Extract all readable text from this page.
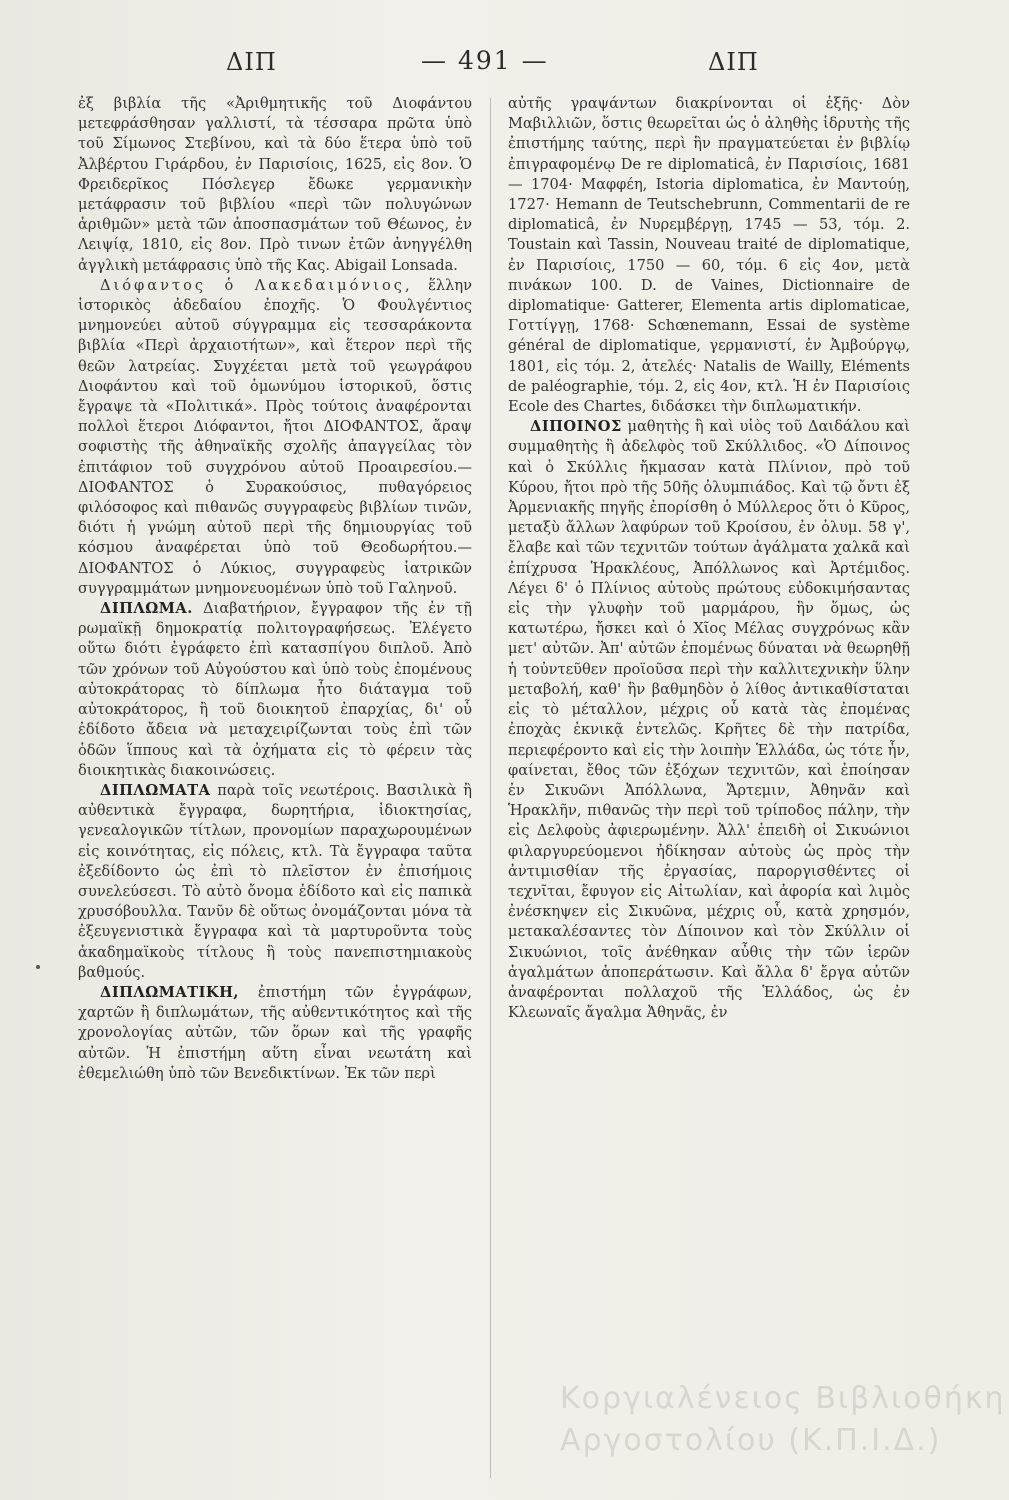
ΔΙΠ	— 491 —	ΔΙΠ

ἐξ βιβλία τῆς «Ἀριθμητικῆς τοῦ Διοφάντου μετεφράσθησαν γαλλιστί, τὰ τέσσαρα πρῶτα ὑπὸ τοῦ Σίμωνος Στεβίνου, καὶ τὰ δύο ἕτερα ὑπὸ τοῦ Ἀλβέρτου Γιράρδου, ἐν Παρισίοις, 1625, εἰς 8ον. Ὁ Φρειδερῖκος Πόσλεγερ ἔδωκε γερμανικὴν μετάφρασιν τοῦ βιβλίου «περὶ τῶν πολυγώνων ἀριθμῶν» μετὰ τῶν ἀποσπασμάτων τοῦ Θέωνος, ἐν Λειψίᾳ, 1810, εἰς 8ον. Πρὸ τινων ἐτῶν ἀνηγγέλθη ἀγγλικὴ μετάφρασις ὑπὸ τῆς Κας. Abigail Lonsada.

Διόφαντος ὁ Λακεδαιμόνιος, ἕλλην ἱστορικὸς ἀδεδαίου ἐποχῆς. Ὁ Φουλγέντιος μνημονεύει αὐτοῦ σύγγραμμα εἰς τεσσαράκοντα βιβλία «Περὶ ἀρχαιοτήτων», καὶ ἕτερον περὶ τῆς θεῶν λατρείας. Συγχέεται μετὰ τοῦ γεωγράφου Διοφάντου καὶ τοῦ ὁμωνύμου ἱστορικοῦ, ὅστις ἔγραψε τὰ «Πολιτικά». Πρὸς τούτοις ἀναφέρονται πολλοὶ ἕτεροι Διόφαντοι, ἤτοι ΔΙΟΦΑΝΤΟΣ, ἄραψ σοφιστὴς τῆς ἀθηναϊκῆς σχολῆς ἀπαγγείλας τὸν ἐπιτάφιον τοῦ συγχρόνου αὐτοῦ Προαιρεσίου.—ΔΙΟΦΑΝΤΟΣ ὁ Συρακούσιος, πυθαγόρειος φιλόσοφος καὶ πιθανῶς συγγραφεὺς βιβλίων τινῶν, διότι ἡ γνώμη αὐτοῦ περὶ τῆς δημιουργίας τοῦ κόσμου ἀναφέρεται ὑπὸ τοῦ Θεοδωρήτου.—ΔΙΟΦΑΝΤΟΣ ὁ Λύκιος, συγγραφεὺς ἰατρικῶν συγγραμμάτων μνημονευομένων ὑπὸ τοῦ Γαληνοῦ.

ΔΙΠΛΩΜΑ. Διαβατήριον, ἔγγραφον τῆς ἐν τῇ ρωμαϊκῇ δημοκρατίᾳ πολιτογραφήσεως. Ἐλέγετο οὕτω διότι ἐγράφετο ἐπὶ κατασπίγου διπλοῦ. Ἀπὸ τῶν χρόνων τοῦ Αὐγούστου καὶ ὑπὸ τοὺς ἐπομένους αὐτοκράτορας τὸ δίπλωμα ἦτο διάταγμα τοῦ αὐτοκράτορος, ἢ τοῦ διοικητοῦ ἐπαρχίας, δι' οὗ ἐδίδοτο ἄδεια νὰ μεταχειρίζωνται τοὺς ἐπὶ τῶν ὁδῶν ἵππους καὶ τὰ ὀχήματα εἰς τὸ φέρειν τὰς διοικητικὰς διακοινώσεις.

ΔΙΠΛΩΜΑΤΑ παρὰ τοῖς νεωτέροις. Βασιλικὰ ἢ αὐθεντικὰ ἔγγραφα, δωρητήρια, ἰδιοκτησίας, γενεαλογικῶν τίτλων, προνομίων παραχωρουμένων εἰς κοινότητας, εἰς πόλεις, κτλ. Τὰ ἔγγραφα ταῦτα ἐξεδίδοντο ὡς ἐπὶ τὸ πλεῖστον ἐν ἐπισήμοις συνελεύσεσι. Τὸ αὐτὸ ὄνομα ἐδίδοτο καὶ εἰς παπικὰ χρυσόβουλλα. Τανῦν δὲ οὕτως ὀνομάζονται μόνα τὰ ἐξευγενιστικὰ ἔγγραφα καὶ τὰ μαρτυροῦντα τοὺς ἀκαδημαϊκοὺς τίτλους ἢ τοὺς πανεπιστημιακοὺς βαθμούς.

ΔΙΠΛΩΜΑΤΙΚΗ, ἐπιστήμη τῶν ἐγγράφων, χαρτῶν ἢ διπλωμάτων, τῆς αὐθεντικότητος καὶ τῆς χρονολογίας αὐτῶν, τῶν ὅρων καὶ τῆς γραφῆς αὐτῶν. Ἡ ἐπιστήμη αὕτη εἶναι νεωτάτη καὶ ἐθεμελιώθη ὑπὸ τῶν Βενεδικτίνων. Ἐκ τῶν περὶ

αὐτῆς γραψάντων διακρίνονται οἱ ἑξῆς· Δὸν Μαβιλλιῶν, ὅστις θεωρεῖται ὡς ὁ ἀληθὴς ἱδρυτὴς τῆς ἐπιστήμης ταύτης, περὶ ἣν πραγματεύεται ἐν βιβλίῳ ἐπιγραφομένῳ De re diplomaticâ, ἐν Παρισίοις, 1681 — 1704· Μαφφέη, Istoria diplomatica, ἐν Μαντούῃ, 1727· Hemann de Teutschebrunn, Commentarii de re diplomaticâ, ἐν Νυρεμβέργῃ, 1745 — 53, τόμ. 2. Toustain καὶ Tassin, Nouveau traité de diplomatique, ἐν Παρισίοις, 1750 — 60, τόμ. 6 εἰς 4ον, μετὰ πινάκων 100. D. de Vaines, Dictionnaire de diplomatique· Gatterer, Elementa artis diplomaticae, Γοττίγγῃ, 1768· Schœnemann, Essai de système général de diplomatique, γερμανιστί, ἐν Ἀμβούργῳ, 1801, εἰς τόμ. 2, ἀτελές· Natalis de Wailly, Eléments de paléographie, τόμ. 2, εἰς 4ον, κτλ. Ἡ ἐν Παρισίοις Ecole des Chartes, διδάσκει τὴν διπλωματικήν.

ΔΙΠΟΙΝΟΣ μαθητὴς ἢ καὶ υἱὸς τοῦ Δαιδάλου καὶ συμμαθητὴς ἢ ἀδελφὸς τοῦ Σκύλλιδος. «Ὁ Δίποινος καὶ ὁ Σκύλλις ἤκμασαν κατὰ Πλίνιον, πρὸ τοῦ Κύρου, ἤτοι πρὸ τῆς 50ῆς ὀλυμπιάδος. Καὶ τῷ ὄντι ἐξ Ἀρμενιακῆς πηγῆς ἐπορίσθη ὁ Μύλλερος ὅτι ὁ Κῦρος, μεταξὺ ἄλλων λαφύρων τοῦ Κροίσου, ἐν ὀλυμ. 58 γ', ἔλαβε καὶ τῶν τεχνιτῶν τούτων ἀγάλματα χαλκᾶ καὶ ἐπίχρυσα Ἡρακλέους, Ἀπόλλωνος καὶ Ἀρτέμιδος. Λέγει δ' ὁ Πλίνιος αὐτοὺς πρώτους εὐδοκιμήσαντας εἰς τὴν γλυφὴν τοῦ μαρμάρου, ἣν ὅμως, ὡς κατωτέρω, ἤσκει καὶ ὁ Χῖος Μέλας συγχρόνως κἂν μετ' αὐτῶν. Ἀπ' αὐτῶν ἐπομένως δύναται νὰ θεωρηθῇ ἡ τοὐντεῦθεν προϊοῦσα περὶ τὴν καλλιτεχνικὴν ὕλην μεταβολή, καθ' ἣν βαθμηδὸν ὁ λίθος ἀντικαθίσταται εἰς τὸ μέταλλον, μέχρις οὗ κατὰ τὰς ἐπομένας ἐποχὰς ἐκνικᾷ ἐντελῶς. Κρῆτες δὲ τὴν πατρίδα, περιεφέροντο καὶ εἰς τὴν λοιπὴν Ἑλλάδα, ὡς τότε ἦν, φαίνεται, ἔθος τῶν ἐξόχων τεχνιτῶν, καὶ ἐποίησαν ἐν Σικυῶνι Ἀπόλλωνα, Ἄρτεμιν, Ἀθηνᾶν καὶ Ἡρακλῆν, πιθανῶς τὴν περὶ τοῦ τρίποδος πάλην, τὴν εἰς Δελφοὺς ἀφιερωμένην. Ἀλλ' ἐπειδὴ οἱ Σικυώνιοι φιλαργυρεύομενοι ἠδίκησαν αὐτοὺς ὡς πρὸς τὴν ἀντιμισθίαν τῆς ἐργασίας, παροργισθέντες οἱ τεχνῖται, ἔφυγον εἰς Αἰτωλίαν, καὶ ἀφορία καὶ λιμὸς ἐνέσκηψεν εἰς Σικυῶνα, μέχρις οὗ, κατὰ χρησμόν, μετακαλέσαντες τὸν Δίποινον καὶ τὸν Σκύλλιν οἱ Σικυώνιοι, τοῖς ἀνέθηκαν αὖθις τὴν τῶν ἱερῶν ἀγαλμάτων ἀποπεράτωσιν. Καὶ ἄλλα δ' ἔργα αὐτῶν ἀναφέρονται πολλαχοῦ τῆς Ἑλλάδος, ὡς ἐν Κλεωναῖς ἄγαλμα Ἀθηνᾶς, ἐν

Κοργιαλένειος Βιβλιοθήκη
Αργοστολίου (Κ.Π.Ι.Δ.)
